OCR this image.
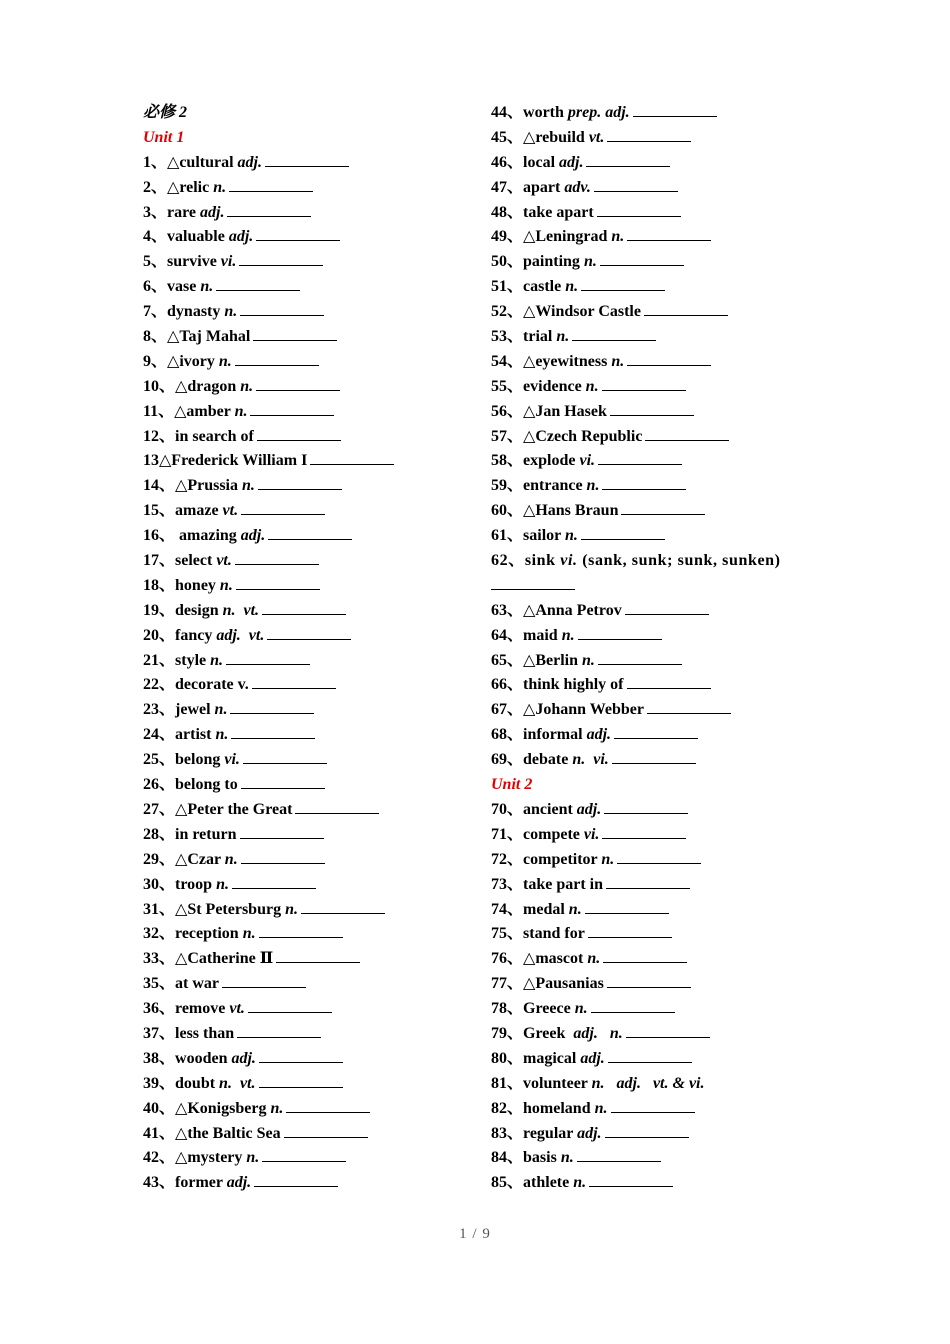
必修 2
Unit 1
1、△cultural adj.
2、△relic n.
3、rare adj.
4、valuable adj.
5、survive vi.
6、vase n.
7、dynasty n.
8、△Taj Mahal
9、△ivory n.
10、△dragon n.
11、△amber n.
12、in search of
13△Frederick William I
14、△Prussia n.
15、amaze vt.
16、 amazing adj.
17、select vt.
18、honey n.
19、design n.  vt.
20、fancy adj.  vt.
21、style n.
22、decorate v.
23、jewel n.
24、artist n.
25、belong vi.
26、belong to
27、△Peter the Great
28、in return
29、△Czar n.
30、troop n.
31、△St Petersburg n.
32、reception n.
33、△Catherine Ⅱ
35、at war
36、remove vt.
37、less than
38、wooden adj.
39、doubt n.  vt.
40、△Konigsberg n.
41、△the Baltic Sea
42、△mystery n.
43、former adj.
44、worth prep. adj.
45、△rebuild vt.
46、local adj.
47、apart adv.
48、take apart
49、△Leningrad n.
50、painting n.
51、castle n.
52、△Windsor Castle
53、trial n.
54、△eyewitness n.
55、evidence n.
56、△Jan Hasek
57、△Czech Republic
58、explode vi.
59、entrance n.
60、△Hans Braun
61、sailor n.
62、sink vi. (sank, sunk; sunk, sunken)
63、△Anna Petrov
64、maid n.
65、△Berlin n.
66、think highly of
67、△Johann Webber
68、informal adj.
69、debate n.  vi.
Unit 2
70、ancient adj.
71、compete vi.
72、competitor n.
73、take part in
74、medal n.
75、stand for
76、△mascot n.
77、△Pausanias
78、Greece n.
79、Greek  adj.   n.
80、magical adj.
81、volunteer n.   adj.   vt. & vi.
82、homeland n.
83、regular adj.
84、basis n.
85、athlete n.
1 / 9
